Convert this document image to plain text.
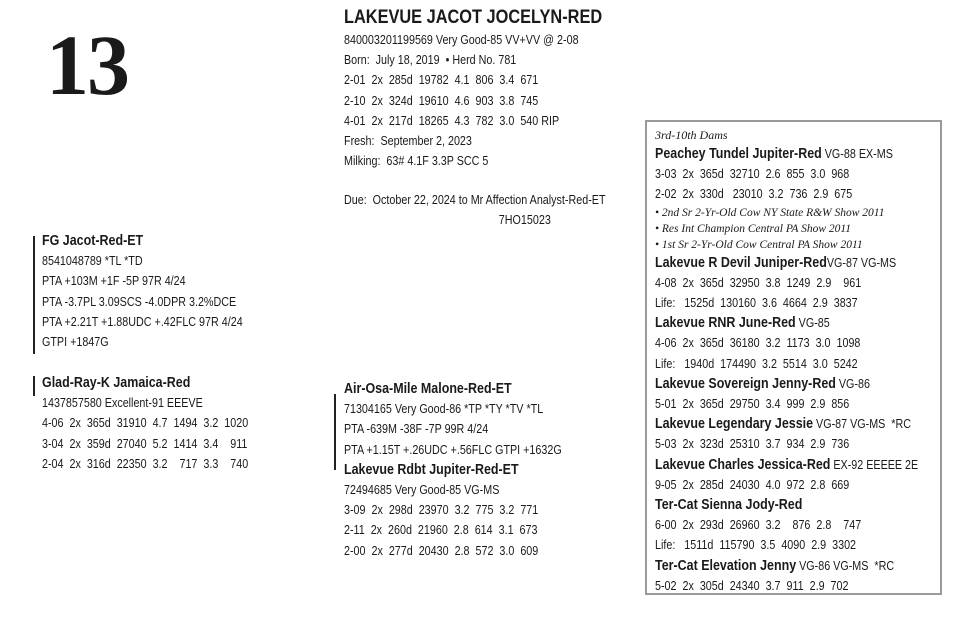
13	LAKEVUE JACOT JOCELYN-RED
840003201199569 Very Good-85 VV+VV @ 2-08
Born:  July 18, 2019  • Herd No. 781
2-01  2x  285d  19782  4.1  806  3.4  671
2-10  2x  324d  19610  4.6  903  3.8  745
4-01  2x  217d  18265  4.3  782  3.0  540 RIP
Fresh:  September 2, 2023
Milking:  63# 4.1F 3.3P SCC 5
Due:  October 22, 2024 to Mr Affection Analyst-Red-ET
7HO15023
FG Jacot-Red-ET
8541048789 *TL *TD
PTA +103M +1F -5P 97R 4/24
PTA -3.7PL 3.09SCS -4.0DPR 3.2%DCE
PTA +2.21T +1.88UDC +.42FLC 97R 4/24
GTPI +1847G
Glad-Ray-K Jamaica-Red
1437857580 Excellent-91 EEEVE
4-06  2x  365d  31910  4.7  1494  3.2  1020
3-04  2x  359d  27040  5.2  1414  3.4    911
2-04  2x  316d  22350  3.2    717  3.3    740
Air-Osa-Mile Malone-Red-ET
71304165 Very Good-86 *TP *TY *TV *TL
PTA -639M -38F -7P 99R 4/24
PTA +1.15T +.26UDC +.56FLC GTPI +1632G
Lakevue Rdbt Jupiter-Red-ET
72494685 Very Good-85 VG-MS
3-09  2x  298d  23970  3.2  775  3.2  771
2-11  2x  260d  21960  2.8  614  3.1  673
2-00  2x  277d  20430  2.8  572  3.0  609
3rd-10th Dams
Peachey Tundel Jupiter-Red VG-88 EX-MS
3-03  2x  365d  32710  2.6  855  3.0  968
2-02  2x  330d   23010  3.2  736  2.9  675
• 2nd Sr 2-Yr-Old Cow NY State R&W Show 2011
• Res Int Champion Central PA Show 2011
• 1st Sr 2-Yr-Old Cow Central PA Show 2011
Lakevue R Devil Juniper-RedVG-87 VG-MS
4-08  2x  365d  32950  3.8  1249  2.9    961
Life:   1525d  130160  3.6  4664  2.9  3837
Lakevue RNR June-Red VG-85
4-06  2x  365d  36180  3.2  1173  3.0  1098
Life:   1940d  174490  3.2  5514  3.0  5242
Lakevue Sovereign Jenny-Red VG-86
5-01  2x  365d  29750  3.4  999  2.9  856
Lakevue Legendary Jessie VG-87 VG-MS  *RC
5-03  2x  323d  25310  3.7  934  2.9  736
Lakevue Charles Jessica-Red EX-92 EEEEE 2E
9-05  2x  285d  24030  4.0  972  2.8  669
Ter-Cat Sienna Jody-Red
6-00  2x  293d  26960  3.2    876  2.8    747
Life:   1511d  115790  3.5  4090  2.9  3302
Ter-Cat Elevation Jenny VG-86 VG-MS  *RC
5-02  2x  305d  24340  3.7  911  2.9  702
